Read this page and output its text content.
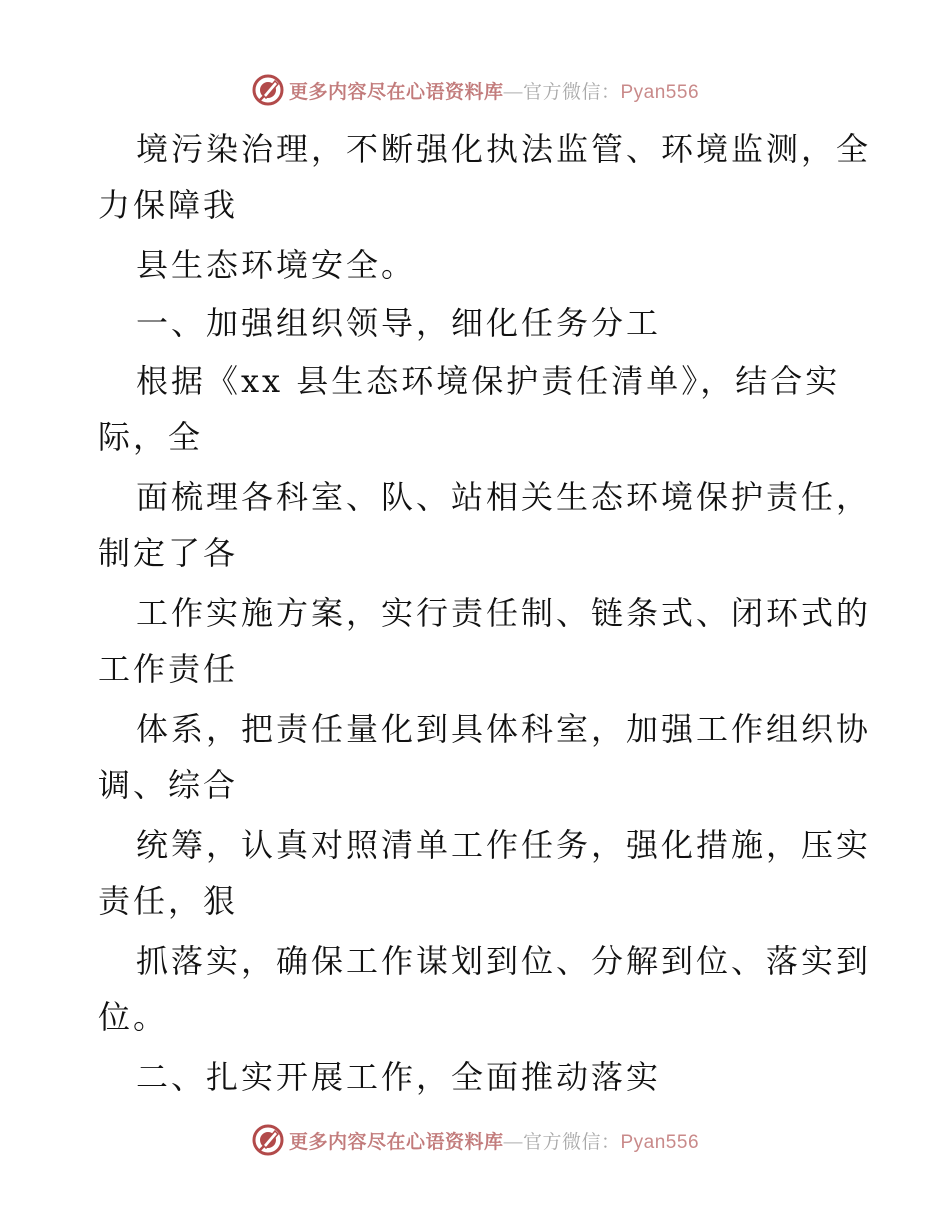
更多内容尽在心语资料库—官方微信：Pyan556
境污染治理，不断强化执法监管、环境监测，全
力保障我
县生态环境安全。
一、加强组织领导，细化任务分工
根据《xx 县生态环境保护责任清单》，结合实
际，全
面梳理各科室、队、站相关生态环境保护责任，
制定了各
工作实施方案，实行责任制、链条式、闭环式的
工作责任
体系，把责任量化到具体科室，加强工作组织协
调、综合
统筹，认真对照清单工作任务，强化措施，压实
责任，狠
抓落实，确保工作谋划到位、分解到位、落实到
位。
二、扎实开展工作，全面推动落实
更多内容尽在心语资料库—官方微信：Pyan556
